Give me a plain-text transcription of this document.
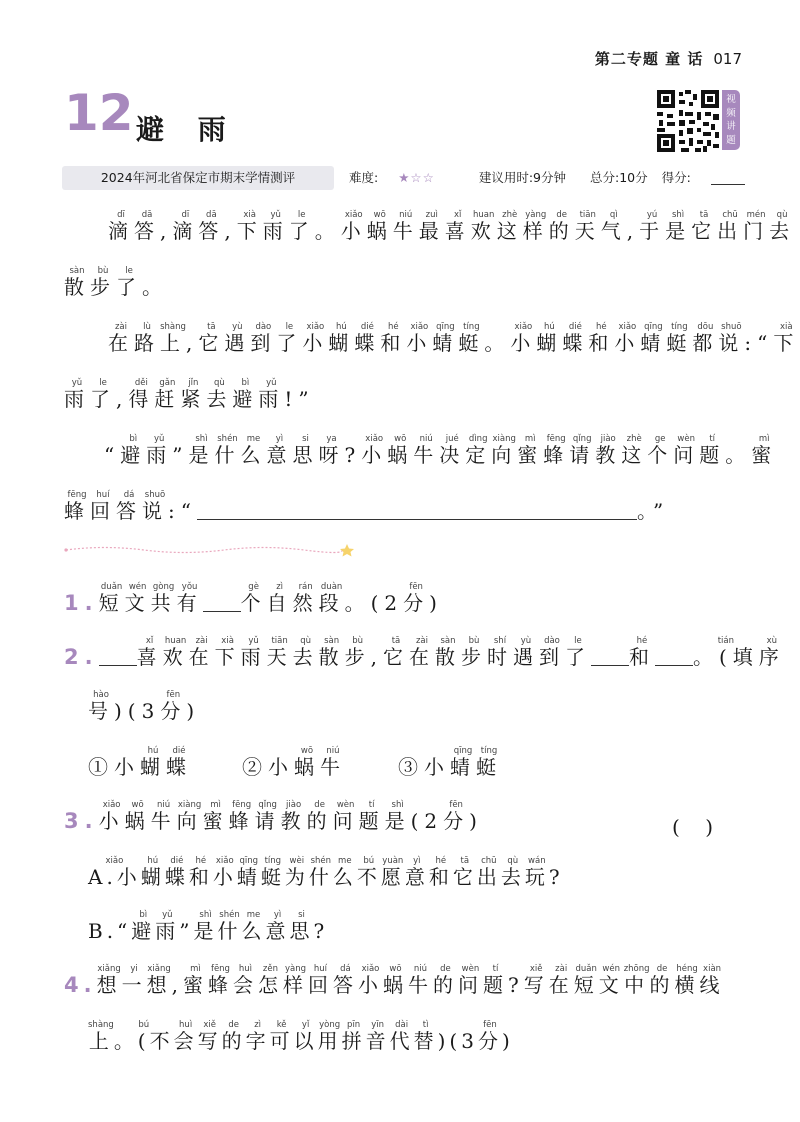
第二专题 童 话 017
12 避 雨
视频讲题
2024年河北省保定市期末学情测评	难度: ★☆☆	建议用时:9分钟 总分:10分 得分:
滴dī答dā,滴dī答dā,下xià雨yǔ了le。小xiǎo蜗wō牛niú最zuì喜xǐ欢huan这zhè样yàng的de天tiān气qì,于yú是shì它tā出chū门mén去qù
散sàn步bù了le。
在zài路lù上shàng,它tā遇yù到dào了le小xiǎo蝴hú蝶dié和hé小xiǎo蜻qīng蜓tíng。小xiǎo蝴hú蝶dié和hé小xiǎo蜻qīng蜓tíng都dōu说shuō:“下xià
雨yǔ了le,得děi赶gǎn紧jǐn去qù避bì雨yǔ!”
“避bì雨yǔ”是shì什shén么me意yì思si呀ya?小xiǎo蜗wō牛niú决jué定dìng向xiàng蜜mì蜂fēng请qǐng教jiào这zhè个ge问wèn题tí。蜜mì
蜂fēng回huí答dá说shuō:“	。”
1.短duǎn文wén共gòng有yǒu个gè自zì然rán段duàn。(2分fēn)
2. 喜xǐ欢huan在zài下xià雨yǔ天tiān去qù散sàn步bù,它tā在zài散sàn步bù时shí遇yù到dào了le和hé。(填tián序xù
号hào)(3分fēn)
①小蝴hú蝶dié
②小蜗wō牛niú
③小蜻qīng蜓tíng
3.小xiǎo蜗wō牛niú向xiàng蜜mì蜂fēng请qǐng教jiào的de问wèn题tí是shì(2分fēn)	(    )
A.小xiǎo蝴hú蝶dié和hé小xiǎo蜻qīng蜓tíng为wèi什shén么me不bú愿yuàn意yì和hé它tā出chū去qù玩wán?
B.“避bì雨yǔ”是shì什shén么me意yì思si?
4.想xiǎng一yi想xiǎng,蜜mì蜂fēng会huì怎zěn样yàng回huí答dá小xiǎo蜗wō牛niú的de问wèn题tí?写xiě在zài短duǎn文wén中zhōng的de横héng线xiàn
上shàng。(不bú会huì写xiě的de字zì可kě以yǐ用yòng拼pīn音yīn代dài替tì)(3分fēn)
